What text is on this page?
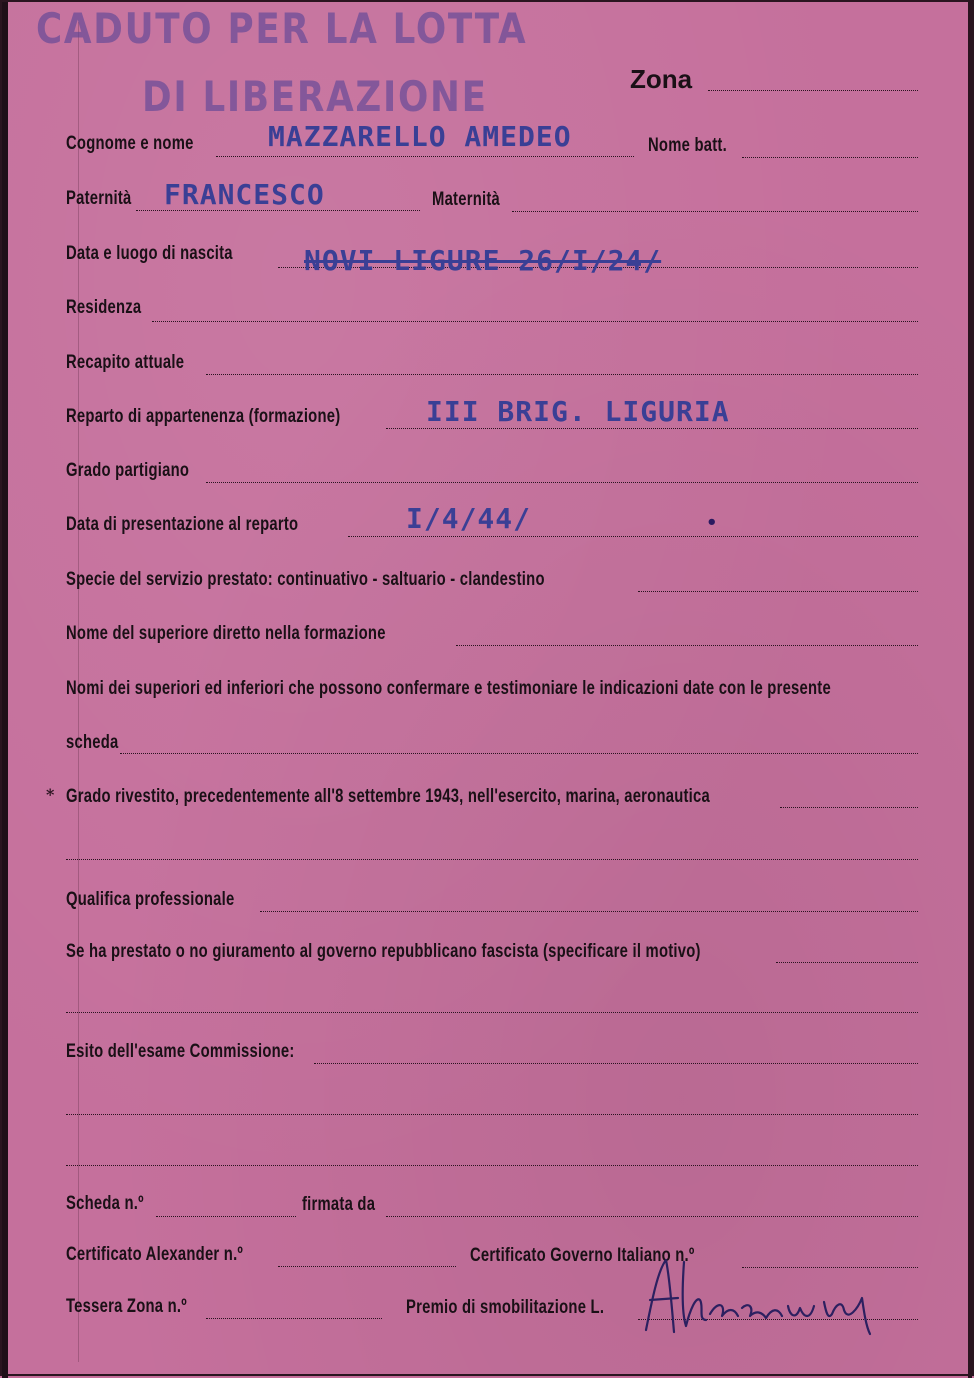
CADUTO PER LA LOTTA
DI LIBERAZIONE	Zona
Cognome e nome	MAZZARELLO AMEDEO	Nome batt.
Paternità FRANCESCO	Maternità
Data e luogo di nascita	NOVI LIGURE 26/I/24/
Residenza
Recapito attuale
Reparto di appartenenza (formazione)	III BRIG. LIGURIA
Grado partigiano
Data di presentazione al reparto	I/4/44/	•
Specie del servizio prestato: continuativo - saltuario - clandestino
Nome del superiore diretto nella formazione
Nomi dei superiori ed inferiori che possono confermare e testimoniare le indicazioni date con le presente
scheda
* Grado rivestito, precedentemente all'8 settembre 1943, nell'esercito, marina, aeronautica
Qualifica professionale
Se ha prestato o no giuramento al governo repubblicano fascista (specificare il motivo)
Esito dell'esame Commissione:
Scheda n.º	firmata da
Certificato Alexander n.º	Certificato Governo Italiano n.º
Tessera Zona n.º	Premio di smobilitazione L.
